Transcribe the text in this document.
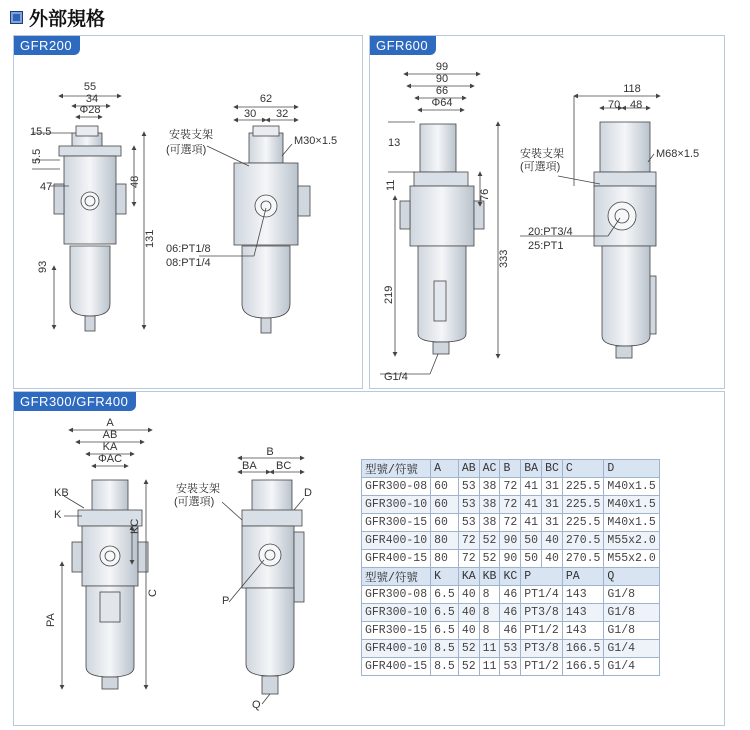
外部規格
GFR200
55
34
Φ28
15.5
5.5
47	48
93
131
62
30 32
安裝支架
(可選項)
M30×1.5
06:PT1/8
08:PT1/4
GFR600
99
90
66
Φ64
13
11
76
219
333
118
70 48
安裝支架
(可選項)
M68×1.5
20:PT3/4
25:PT1
G1/4
GFR300/GFR400
A
AB
KA
ΦAC
KB
K
KC
C
PA
B
BA BC
D
P
Q
安裝支架
(可選項)
型號/符號	A	AB	AC	B	BA	BC	C	D
GFR300-08	60	53	38	72	41	31	225.5	M40x1.5
GFR300-10	60	53	38	72	41	31	225.5	M40x1.5
GFR300-15	60	53	38	72	41	31	225.5	M40x1.5
GFR400-10	80	72	52	90	50	40	270.5	M55x2.0
GFR400-15	80	72	52	90	50	40	270.5	M55x2.0
型號/符號	K	KA	KB	KC	P		PA	Q
GFR300-08	6.5	40	8	46	PT1/4		143	G1/8
GFR300-10	6.5	40	8	46	PT3/8		143	G1/8
GFR300-15	6.5	40	8	46	PT1/2		143	G1/8
GFR400-10	8.5	52	11	53	PT3/8		166.5	G1/4
GFR400-15	8.5	52	11	53	PT1/2		166.5	G1/4
